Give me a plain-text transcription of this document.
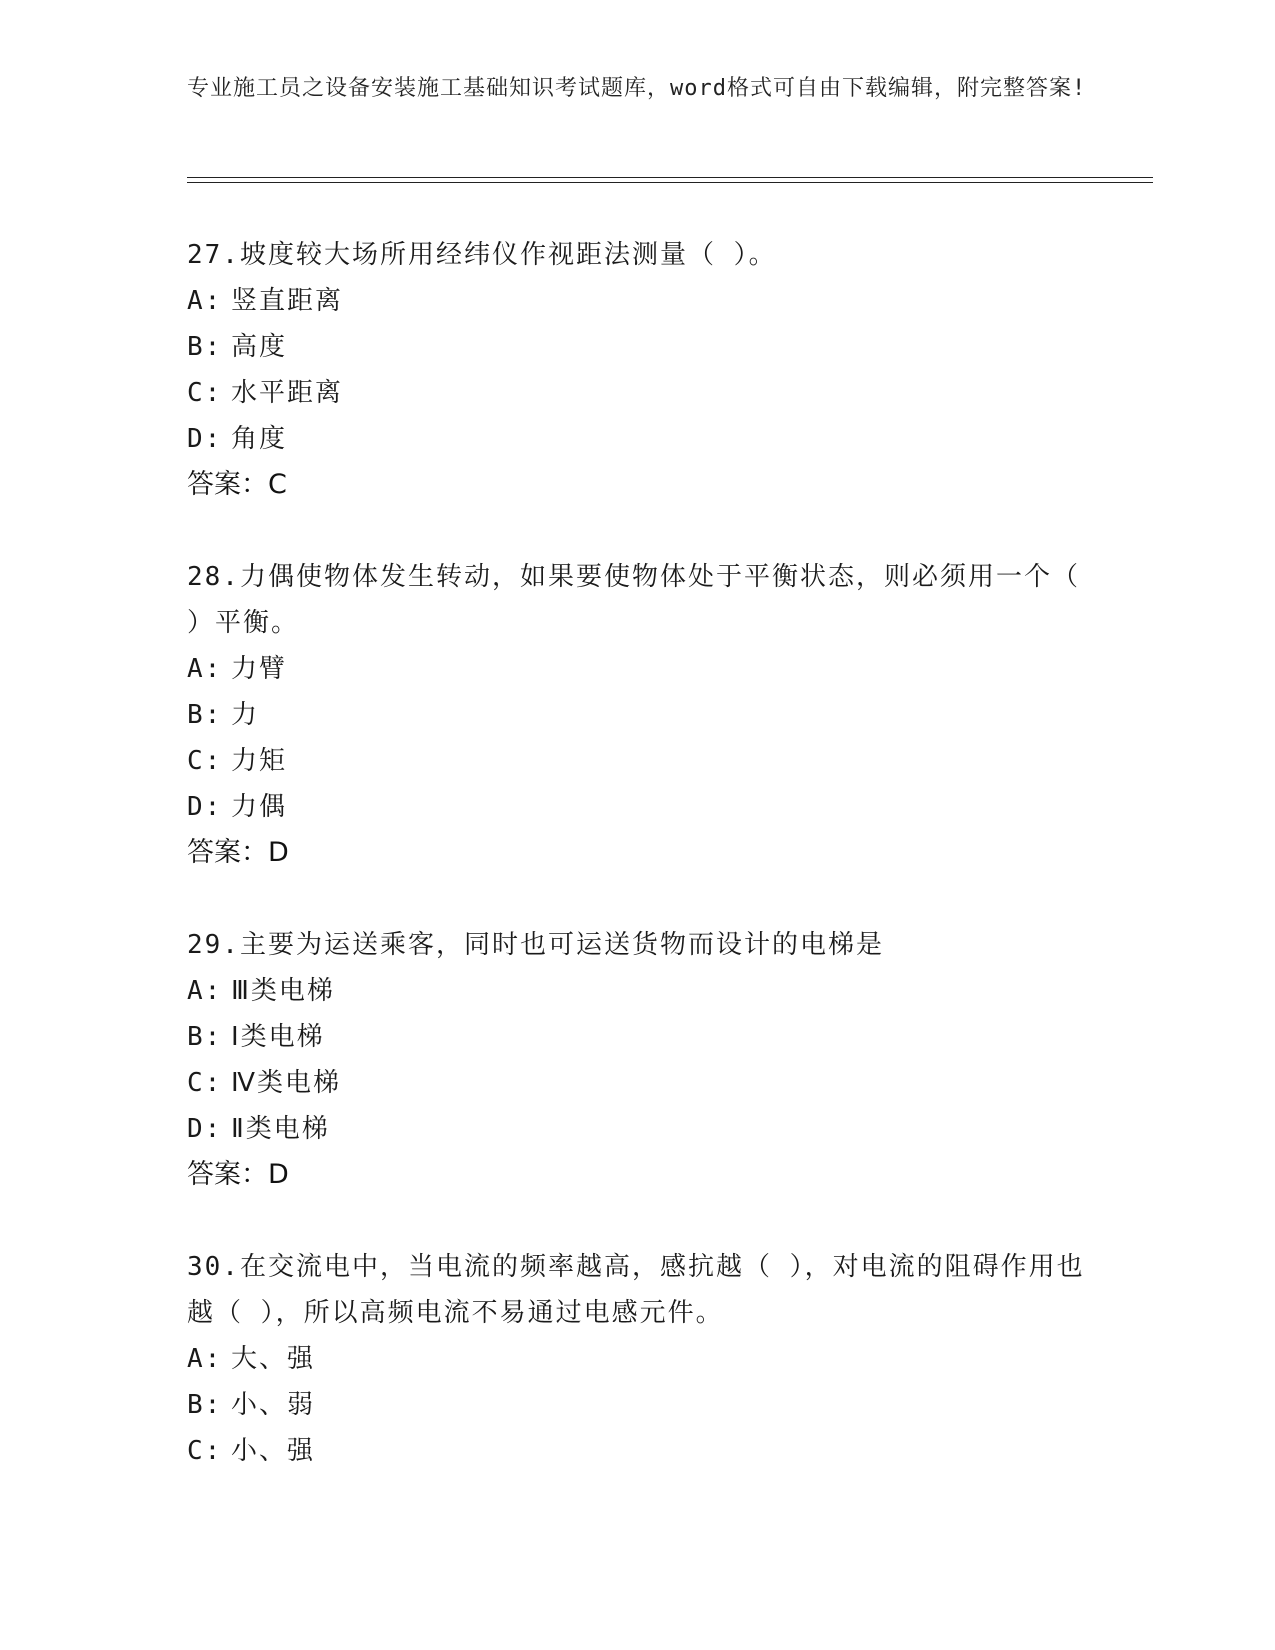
专业施工员之设备安装施工基础知识考试题库，word格式可自由下载编辑，附完整答案!

27.坡度较大场所用经纬仪作视距法测量（ ）。

A: 竖直距离

B: 高度

C: 水平距离

D: 角度

答案：C

28.力偶使物体发生转动，如果要使物体处于平衡状态，则必须用一个（ ）平衡。

A: 力臂

B: 力

C: 力矩

D: 力偶

答案：D

29.主要为运送乘客，同时也可运送货物而设计的电梯是

A: Ⅲ类电梯

B: Ⅰ类电梯

C: Ⅳ类电梯

D: Ⅱ类电梯

答案：D

30.在交流电中，当电流的频率越高，感抗越（ ），对电流的阻碍作用也越（ ），所以高频电流不易通过电感元件。

A: 大、强

B: 小、弱

C: 小、强
